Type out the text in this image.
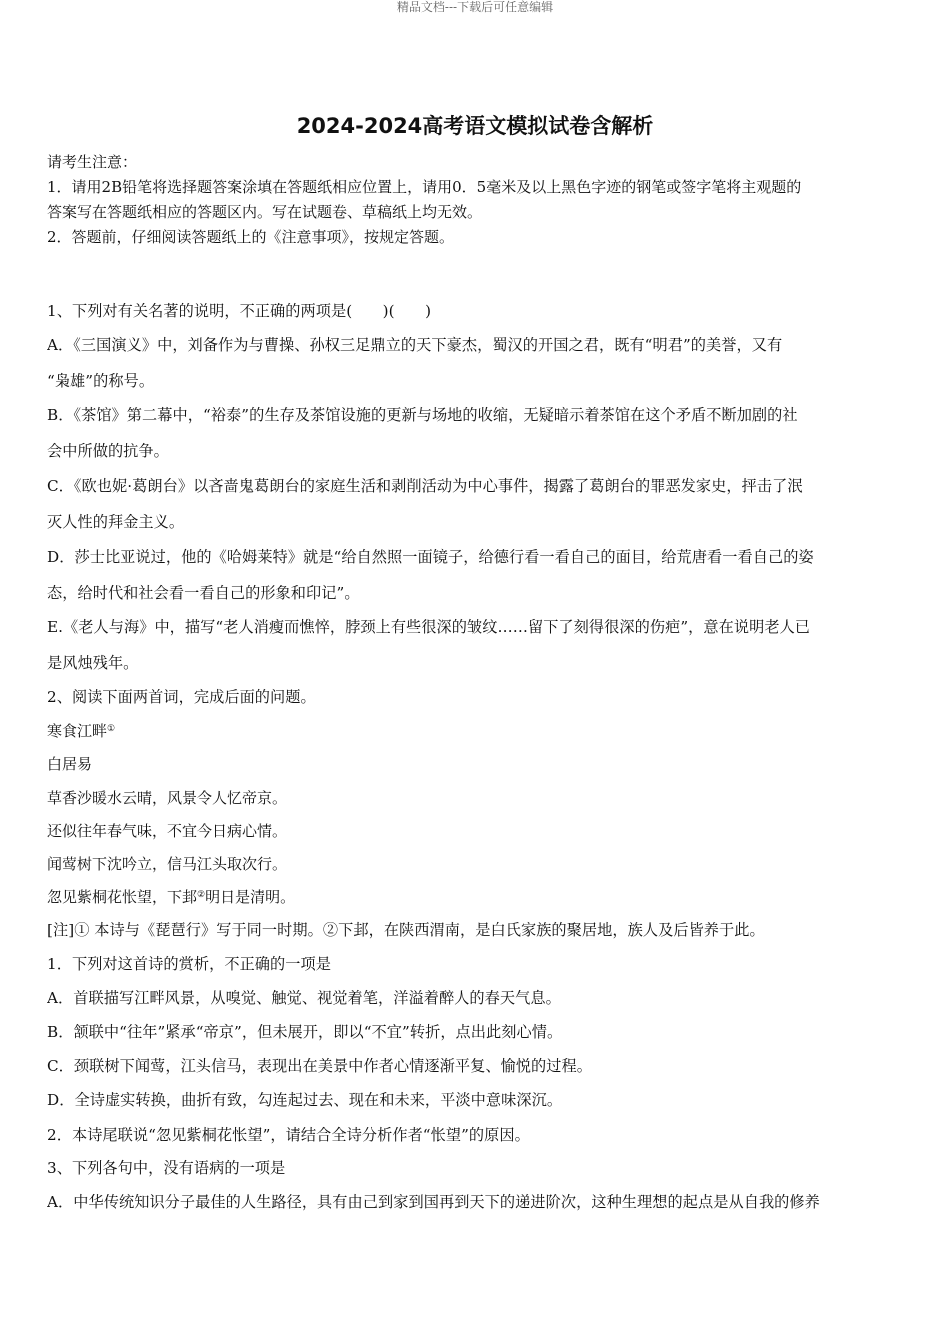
精品文档---下载后可任意编辑
2024-2024高考语文模拟试卷含解析
请考生注意：
1．请用2B铅笔将选择题答案涂填在答题纸相应位置上，请用0．5毫米及以上黑色字迹的钢笔或签字笔将主观题的
答案写在答题纸相应的答题区内。写在试题卷、草稿纸上均无效。
2．答题前，仔细阅读答题纸上的《注意事项》，按规定答题。
1、下列对有关名著的说明，不正确的两项是(　　)(　　)
A．《三国演义》中，刘备作为与曹操、孙权三足鼎立的天下豪杰，蜀汉的开国之君，既有“明君”的美誉，又有
“枭雄”的称号。
B．《茶馆》第二幕中，“裕泰”的生存及茶馆设施的更新与场地的收缩，无疑暗示着茶馆在这个矛盾不断加剧的社
会中所做的抗争。
C．《欧也妮·葛朗台》以吝啬鬼葛朗台的家庭生活和剥削活动为中心事件，揭露了葛朗台的罪恶发家史，抨击了泯
灭人性的拜金主义。
D．莎士比亚说过，他的《哈姆莱特》就是“给自然照一面镜子，给德行看一看自己的面目，给荒唐看一看自己的姿
态，给时代和社会看一看自己的形象和印记”。
E.《老人与海》中，描写“老人消瘦而憔悴，脖颈上有些很深的皱纹……留下了刻得很深的伤疤”，意在说明老人已
是风烛残年。
2、阅读下面两首词，完成后面的问题。
寒食江畔①
白居易
草香沙暖水云晴，风景令人忆帝京。
还似往年春气味，不宜今日病心情。
闻莺树下沈吟立，信马江头取次行。
忽见紫桐花怅望，下邽②明日是清明。
[注]① 本诗与《琵琶行》写于同一时期。②下邽，在陕西渭南，是白氏家族的聚居地，族人及后皆养于此。
1．下列对这首诗的赏析，不正确的一项是
A．首联描写江畔风景，从嗅觉、触觉、视觉着笔，洋溢着醉人的春天气息。
B．颔联中“往年”紧承“帝京”，但未展开，即以“不宜”转折，点出此刻心情。
C．颈联树下闻莺，江头信马，表现出在美景中作者心情逐渐平复、愉悦的过程。
D．全诗虚实转换，曲折有致，勾连起过去、现在和未来，平淡中意味深沉。
2．本诗尾联说“忽见紫桐花怅望”，请结合全诗分析作者“怅望”的原因。
3、下列各句中，没有语病的一项是
A．中华传统知识分子最佳的人生路径，具有由己到家到国再到天下的递进阶次，这种生理想的起点是从自我的修养
